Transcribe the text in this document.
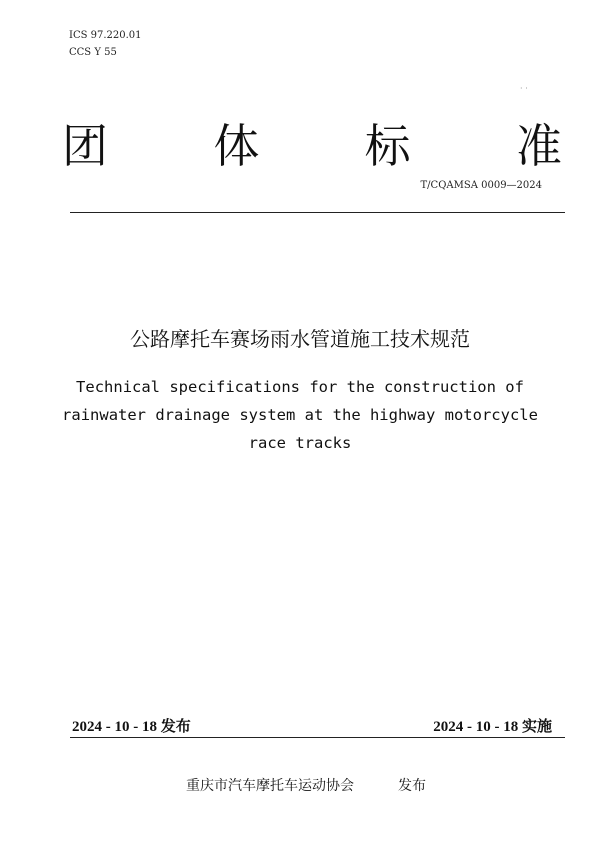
ICS 97.220.01
CCS Y 55
· ·
团 体 标 准
T/CQAMSA 0009—2024
公路摩托车赛场雨水管道施工技术规范
Technical specifications for the construction of
rainwater drainage system at the highway motorcycle
race tracks
2024 - 10 - 18 发布	2024 - 10 - 18 实施
重庆市汽车摩托车运动协会	发布
